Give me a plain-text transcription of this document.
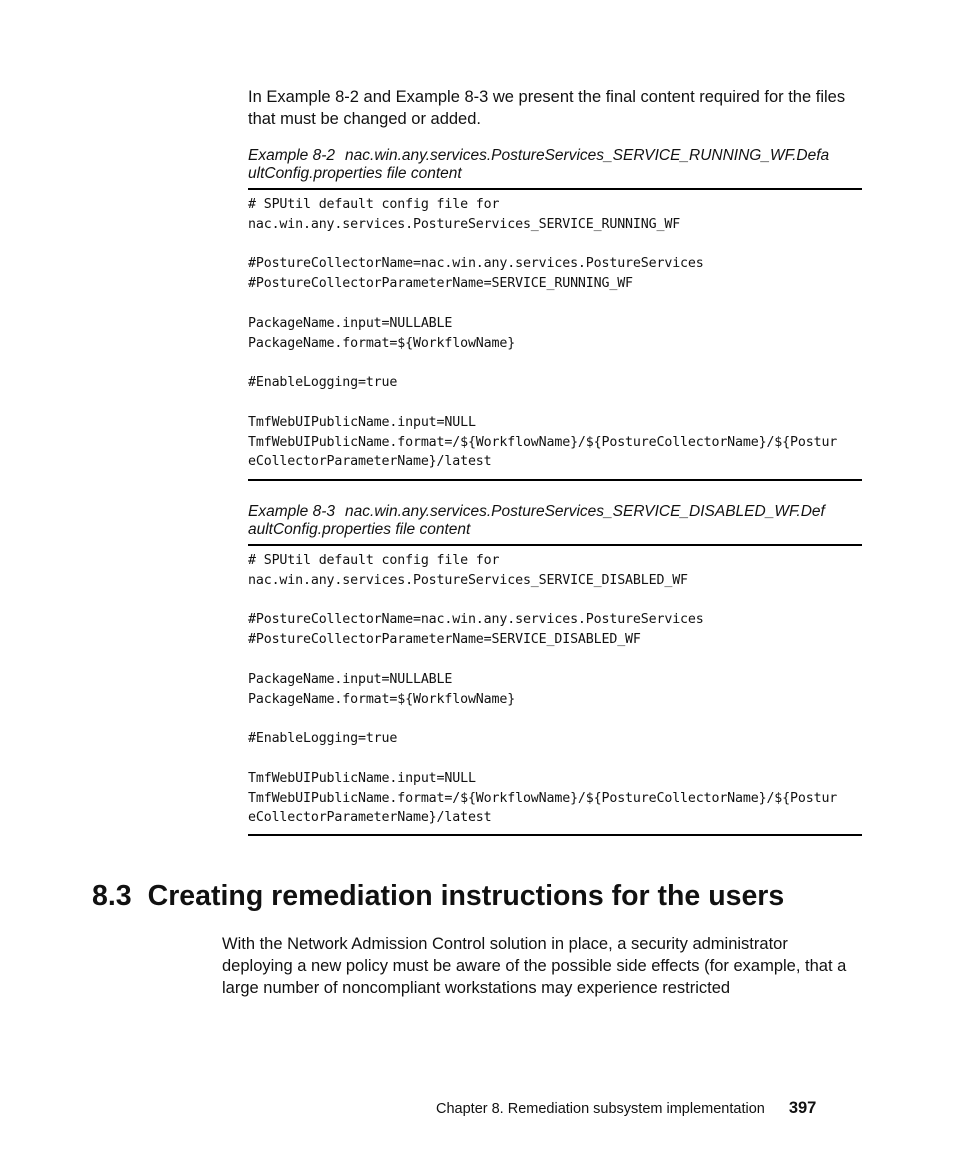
In Example 8-2 and Example 8-3 we present the final content required for the files that must be changed or added.
Example 8-2 nac.win.any.services.PostureServices_SERVICE_RUNNING_WF.Defa
ultConfig.properties file content
# SPUtil default config file for
nac.win.any.services.PostureServices_SERVICE_RUNNING_WF

#PostureCollectorName=nac.win.any.services.PostureServices
#PostureCollectorParameterName=SERVICE_RUNNING_WF

PackageName.input=NULLABLE
PackageName.format=${WorkflowName}

#EnableLogging=true

TmfWebUIPublicName.input=NULL
TmfWebUIPublicName.format=/${WorkflowName}/${PostureCollectorName}/${Postur
eCollectorParameterName}/latest
Example 8-3 nac.win.any.services.PostureServices_SERVICE_DISABLED_WF.Def
aultConfig.properties file content
# SPUtil default config file for
nac.win.any.services.PostureServices_SERVICE_DISABLED_WF

#PostureCollectorName=nac.win.any.services.PostureServices
#PostureCollectorParameterName=SERVICE_DISABLED_WF

PackageName.input=NULLABLE
PackageName.format=${WorkflowName}

#EnableLogging=true

TmfWebUIPublicName.input=NULL
TmfWebUIPublicName.format=/${WorkflowName}/${PostureCollectorName}/${Postur
eCollectorParameterName}/latest
8.3 Creating remediation instructions for the users
With the Network Admission Control solution in place, a security administrator deploying a new policy must be aware of the possible side effects (for example, that a large number of noncompliant workstations may experience restricted
Chapter 8. Remediation subsystem implementation 397
